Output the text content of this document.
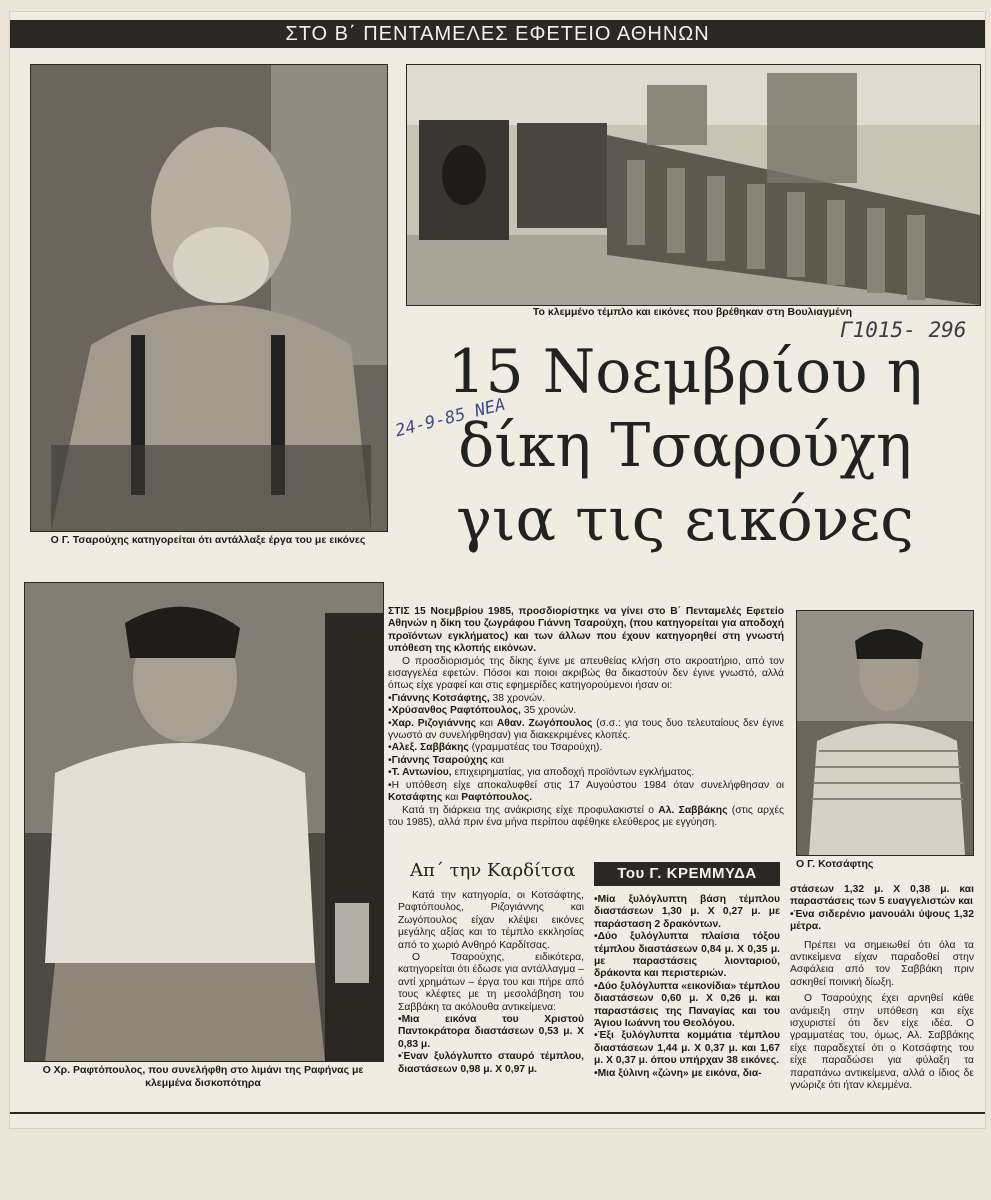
ΣΤΟ Β΄ ΠΕΝΤΑΜΕΛΕΣ ΕΦΕΤΕΙΟ ΑΘΗΝΩΝ
Ο Γ. Τσαρούχης κατηγορείται ότι αντάλλαξε έργα του με εικόνες
Το κλεμμένο τέμπλο και εικόνες που βρέθηκαν στη Βουλιαγμένη
Γ1015- 296
24-9-85 ΝΕΑ
15 Νοεμβρίου η
δίκη Τσαρούχη
για τις εικόνες
Ο Χρ. Ραφτόπουλος, που συνελήφθη στο λιμάνι της Ραφήνας με κλεμμένα δισκοπότηρα
Ο Γ. Κοτσάφτης

ΣΤΙΣ 15 Νοεμβρίου 1985, προσδιορίστηκε να γίνει στο Β΄ Πενταμελές Εφετείο Αθηνών η δίκη του ζωγράφου Γιάννη Τσαρούχη, (που κατηγορείται για αποδοχή προϊόντων εγκλήματος) και των άλλων που έχουν κατηγορηθεί στη γνωστή υπόθεση της κλοπής εικόνων.

Ο προσδιορισμός της δίκης έγινε με απευθείας κλήση στο ακροατήριο, από τον εισαγγελέα εφετών. Πόσοι και ποιοι ακριβώς θα δικαστούν δεν έγινε γνωστό, αλλά όπως είχε γραφεί και στις εφημερίδες κατηγορούμενοι ήσαν οι:

• Γιάννης Κοτσάφτης, 38 χρονών.
• Χρύσανθος Ραφτόπουλος, 35 χρονών.
• Χαρ. Ριζογιάννης και Αθαν. Ζωγόπουλος (σ.σ.: για τους δυο τελευταίους δεν έγινε γνωστό αν συνελήφθησαν) για διακεκριμένες κλοπές.
• Αλεξ. Σαββάκης (γραμματέας του Τσαρούχη).
• Γιάννης Τσαρούχης και
• Τ. Αντωνίου, επιχειρηματίας, για αποδοχή προϊόντων εγκλήματος.
• Η υπόθεση είχε αποκαλυφθεί στις 17 Αυγούστου 1984 όταν συνελήφθησαν οι Κοτσάφτης και Ραφτόπουλος.

Κατά τη διάρκεια της ανάκρισης είχε προφυλακιστεί ο Αλ. Σαββάκης (στις αρχές του 1985), αλλά πριν ένα μήνα περίπου αφέθηκε ελεύθερος με εγγύηση.

Απ΄ την Καρδίτσα	Του Γ. ΚΡΕΜΜΥΔΑ

Κατά την κατηγορία, οι Κοτσάφτης, Ραφτόπουλος, Ριζογιάννης και Ζωγόπουλος είχαν κλέψει εικόνες μεγάλης αξίας και το τέμπλο εκκλησίας από το χωριό Ανθηρό Καρδίτσας.

Ο Τσαρούχης, ειδικότερα, κατηγορείται ότι έδωσε για αντάλλαγμα – αντί χρημάτων – έργα του και πήρε από τους κλέφτες με τη μεσολάβηση του Σαββάκη τα ακόλουθα αντικείμενα:

• Μια εικόνα του Χριστού Παντοκράτορα διαστάσεων 0,53 μ. Χ 0,83 μ.
• Έναν ξυλόγλυπτο σταυρό τέμπλου, διαστάσεων 0,98 μ. Χ 0,97 μ.
• Μία ξυλόγλυπτη βάση τέμπλου διαστάσεων 1,30 μ. Χ 0,27 μ. με παράσταση 2 δρακόντων.
• Δύο ξυλόγλυπτα πλαίσια τόξου τέμπλου διαστάσεων 0,84 μ. Χ 0,35 μ. με παραστάσεις λιονταριού, δράκοντα και περιστεριών.
• Δύο ξυλόγλυπτα «εικονίδια» τέμπλου διαστάσεων 0,60 μ. Χ 0,26 μ. και παραστάσεις της Παναγίας και του Άγιου Ιωάννη του Θεολόγου.
• Έξι ξυλόγλυπτα κομμάτια τέμπλου διαστάσεων 1,44 μ. Χ 0,37 μ. και 1,67 μ. Χ 0,37 μ. όπου υπήρχαν 38 εικόνες.
• Μια ξύλινη «ζώνη» με εικόνα, δια-
στάσεων 1,32 μ. Χ 0,38 μ. και παραστάσεις των 5 ευαγγελιστών και
• Ένα σιδερένιο μανουάλι ύψους 1,32 μέτρα.

Πρέπει να σημειωθεί ότι όλα τα αντικείμενα είχαν παραδοθεί στην Ασφάλεια από τον Σαββάκη πριν ασκηθεί ποινική δίωξη.

Ο Τσαρούχης έχει αρνηθεί κάθε ανάμειξη στην υπόθεση και είχε ισχυριστεί ότι δεν είχε ιδέα. Ο γραμματέας του, όμως, Αλ. Σαββάκης είχε παραδεχτεί ότι ο Κοτσάφτης του είχε παραδώσει για φύλαξη τα παραπάνω αντικείμενα, αλλά ο ίδιος δε γνώριζε ότι ήταν κλεμμένα.
